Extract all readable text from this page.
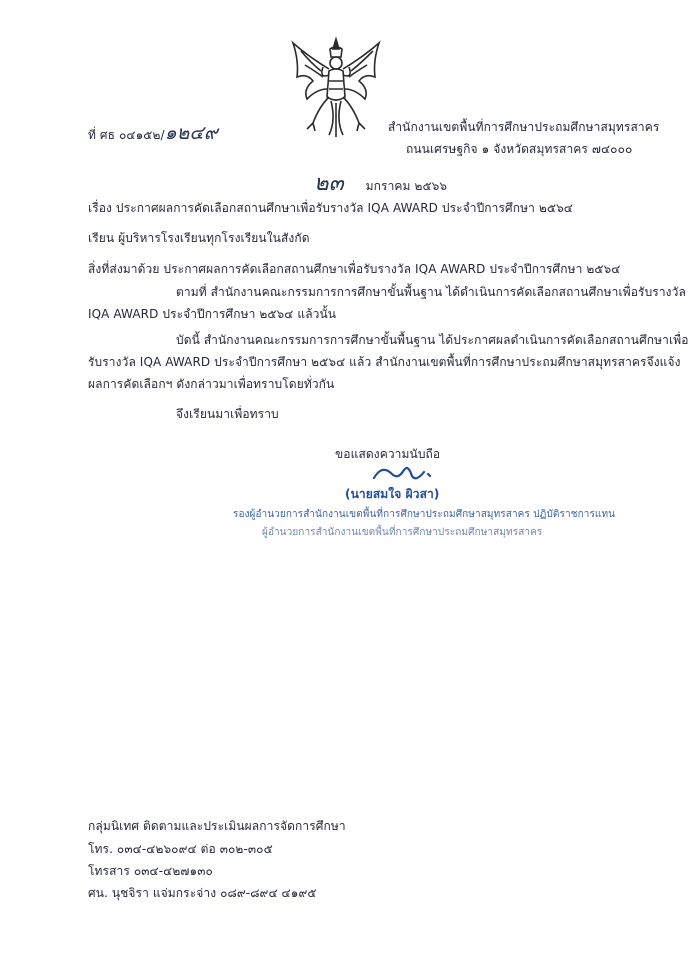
ที่ ศธ ๐๔๑๕๒/๑๒๔๙	สำนักงานเขตพื้นที่การศึกษาประถมศึกษาสมุทรสาคร
ถนนเศรษฐกิจ ๑ จังหวัดสมุทรสาคร ๗๔๐๐๐
๒๓ มกราคม ๒๕๖๖
เรื่อง ประกาศผลการคัดเลือกสถานศึกษาเพื่อรับรางวัล IQA AWARD ประจำปีการศึกษา ๒๕๖๔
เรียน ผู้บริหารโรงเรียนทุกโรงเรียนในสังกัด
สิ่งที่ส่งมาด้วย ประกาศผลการคัดเลือกสถานศึกษาเพื่อรับรางวัล IQA AWARD ประจำปีการศึกษา ๒๕๖๔
ตามที่ สำนักงานคณะกรรมการการศึกษาขั้นพื้นฐาน ได้ดำเนินการคัดเลือกสถานศึกษาเพื่อรับรางวัล
IQA AWARD ประจำปีการศึกษา ๒๕๖๔ แล้วนั้น
บัดนี้ สำนักงานคณะกรรมการการศึกษาขั้นพื้นฐาน ได้ประกาศผลดำเนินการคัดเลือกสถานศึกษาเพื่อ
รับรางวัล IQA AWARD ประจำปีการศึกษา ๒๕๖๔ แล้ว สำนักงานเขตพื้นที่การศึกษาประถมศึกษาสมุทรสาครจึงแจ้ง
ผลการคัดเลือกฯ ดังกล่าวมาเพื่อทราบโดยทั่วกัน
จึงเรียนมาเพื่อทราบ
ขอแสดงความนับถือ
(นายสมใจ ผิวสา)
รองผู้อำนวยการสำนักงานเขตพื้นที่การศึกษาประถมศึกษาสมุทรสาคร ปฏิบัติราชการแทน
ผู้อำนวยการสำนักงานเขตพื้นที่การศึกษาประถมศึกษาสมุทรสาคร
กลุ่มนิเทศ ติดตามและประเมินผลการจัดการศึกษา
โทร. ๐๓๔-๔๒๖๐๙๔ ต่อ ๓๐๒-๓๐๕
โทรสาร ๐๓๔-๔๒๗๑๓๐
ศน. นุชจิรา แจ่มกระจ่าง ๐๘๙-๘๙๔ ๔๑๙๕
